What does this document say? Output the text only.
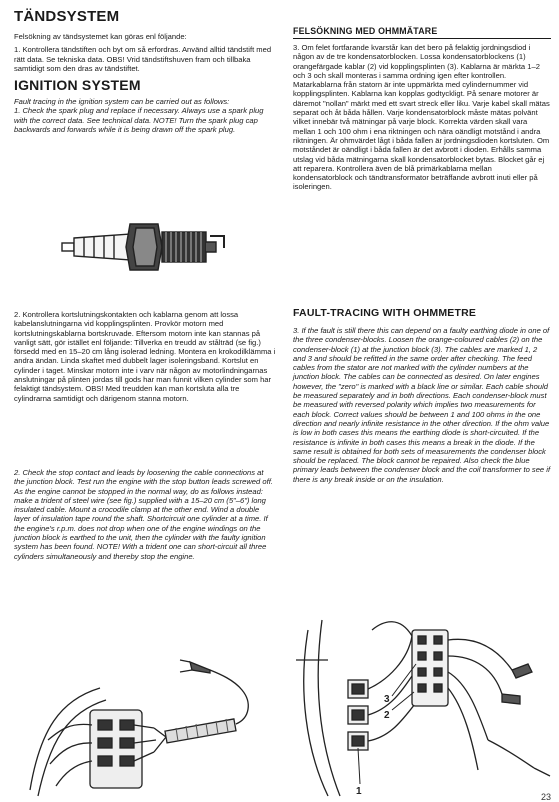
TÄNDSYSTEM

Felsökning av tändsystemet kan göras enl följande:

1. Kontrollera tändstiften och byt om så erfordras. Använd alltid tändstift med rätt data. Se tekniska data. OBS! Vrid tändstiftshuven fram och tillbaka samtidigt som den dras av tändstiftet.

IGNITION SYSTEM

Fault tracing in the ignition system can be carried out as follows:

1. Check the spark plug and replace if necessary. Always use a spark plug with the correct data. See technical data. NOTE! Turn the spark plug cap backwards and forwards while it is being drawn off the spark plug.

2. Kontrollera kortslutningskontakten och kablarna genom att lossa kabelanslutningarna vid kopplingsplinten. Provkör motorn med kortslutningskablarna bortskruvade. Eftersom motorn inte kan stannas på vanligt sätt, gör istället enl följande: Tillverka en treudd av stålträd (se fig.) försedd med en 15–20 cm lång isolerad ledning. Montera en krokodilklämma i andra ändan. Linda skaftet med dubbelt lager isoleringsband. Kortslut en cylinder i taget. Minskar motorn inte i varv när någon av motorlindningarnas anslutningar på plinten jordas till gods har man funnit vilken cylinder som har felaktigt tändsystem. OBS! Med treudden kan man kortsluta alla tre cylindrarna samtidigt och därigenom stanna motorn.

2. Check the stop contact and leads by loosening the cable connections at the junction block. Test run the engine with the stop button leads screwed off. As the engine cannot be stopped in the normal way, do as follows instead: make a trident of steel wire (see fig.) supplied with a 15–20 cm (5"–6") long insulated cable. Mount a crocodile clamp at the other end. Wind a double layer of insulation tape round the shaft. Shortcircuit one cylinder at a time. If the engine's r.p.m. does not drop when one of the engine windings on the junction block is earthed to the unit, then the cylinder with the faulty ignition system has been found. NOTE! With a trident one can short-circuit all three cylinders simultaneously and thereby stop the engine.

FELSÖKNING MED OHMMÄTARE

3. Om felet fortfarande kvarstår kan det bero på felaktig jordningsdiod i någon av de tre kondensatorblocken. Lossa kondensatorblockens (1) orangefärgade kablar (2) vid kopplingsplinten (3). Kablarna är märkta 1–2 och 3 och skall monteras i samma ordning igen efter kontrollen. Matarkablarna från statorn är inte uppmärkta med cylindernummer vid kopplingsplinten. Kablarna kan kopplas godtyckligt. På senare motorer är däremot "nollan" märkt med ett svart streck eller liku. Varje kabel skall mätas separat och åt båda hållen. Varje kondensatorblock måste mätas polvänt vilket innebär två mätningar på varje block. Korrekta värden skall vara mellan 1 och 100 ohm i ena riktningen och nära oändligt motstånd i andra riktningen. Är ohmvärdet lågt i båda fallen är jordningsdioden kortsluten. Om motståndet är oändligt i båda fallen är det avbrott i dioden. Erhålls samma utslag vid båda mätningarna skall kondensatorblocket bytas. Blocket går ej att reparera. Kontrollera även de blå primärkablarna mellan kondensatorblock och tändtransformator beträffande avbrott inuti eller på isoleringen.

FAULT-TRACING WITH OHMMETRE

3. If the fault is still there this can depend on a faulty earthing diode in one of the three condenser-blocks. Loosen the orange-coloured cables (2) on the condenser-block (1) at the junction block (3). The cables are marked 1, 2 and 3 and should be refitted in the same order after checking. The feed cables from the stator are not marked with the cylinder numbers at the junction block. The cables can be connected as desired. On later engines however, the "zero" is marked with a black line or similar. Each cable should be measured separately and in both directions. Each condenser-block must be measured with reversed polarity which implies two measurements for each block. Correct values should be between 1 and 100 ohms in the one direction and nearly infinite resistance in the other direction. If the ohm value is low in both cases this means the earthing diode is short-circuited. If the resistance is infinite in both cases this means a break in the diode. If the same result is obtained for both sets of measurements the condenser block should be replaced. The block cannot be repaired. Also check the blue primary leads between the condenser block and the coil transformer to see if there is any break inside or on the insulation.

3
2
1	23
